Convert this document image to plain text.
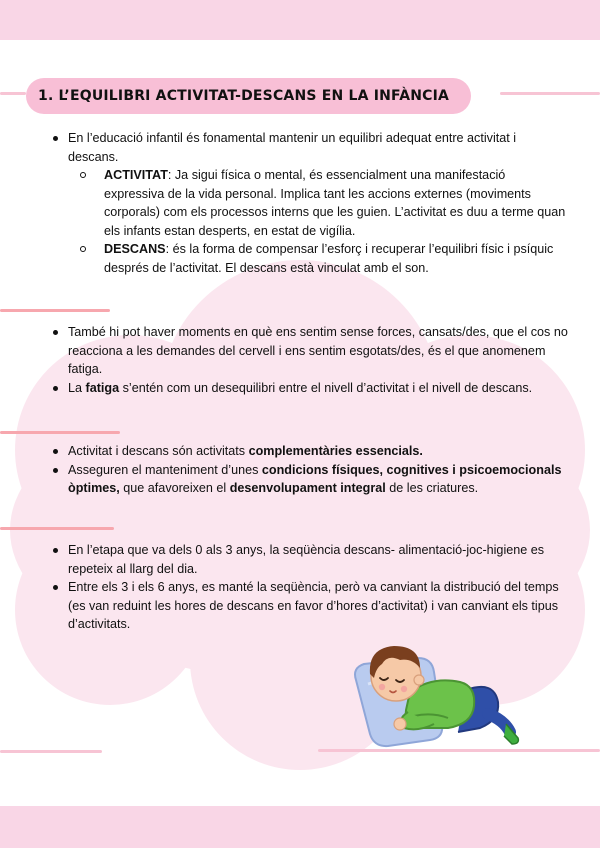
1. L’EQUILIBRI ACTIVITAT-DESCANS EN LA INFÀNCIA
En l’educació infantil és fonamental mantenir un equilibri adequat entre activitat i descans.
ACTIVITAT: Ja sigui física o mental, és essencialment una manifestació expressiva de la vida personal. Implica tant les accions externes (moviments corporals) com els processos interns que les guien. L’activitat es duu a terme quan els infants estan desperts, en estat de vigília.
DESCANS: és la forma de compensar l’esforç i recuperar l’equilibri físic i psíquic després de l’activitat. El descans està vinculat amb el son.
També hi pot haver moments en què ens sentim sense forces, cansats/des, que el cos no reacciona a les demandes del cervell i ens sentim esgotats/des, és el que anomenem fatiga.
La fatiga s’entén com un desequilibri entre el nivell d’activitat i el nivell de descans.
Activitat i descans són activitats complementàries essencials.
Asseguren el manteniment d’unes condicions físiques, cognitives i psicoemocionals òptimes, que afavoreixen el desenvolupament integral de les criatures.
En l’etapa que va dels 0 als 3 anys, la seqüència descans- alimentació-joc-higiene es repeteix al llarg del dia.
Entre els 3 i els 6 anys, es manté la seqüència, però va canviant la distribució del temps (es van reduint les hores de descans en favor d’hores d’activitat) i van canviant els tipus d’activitats.
